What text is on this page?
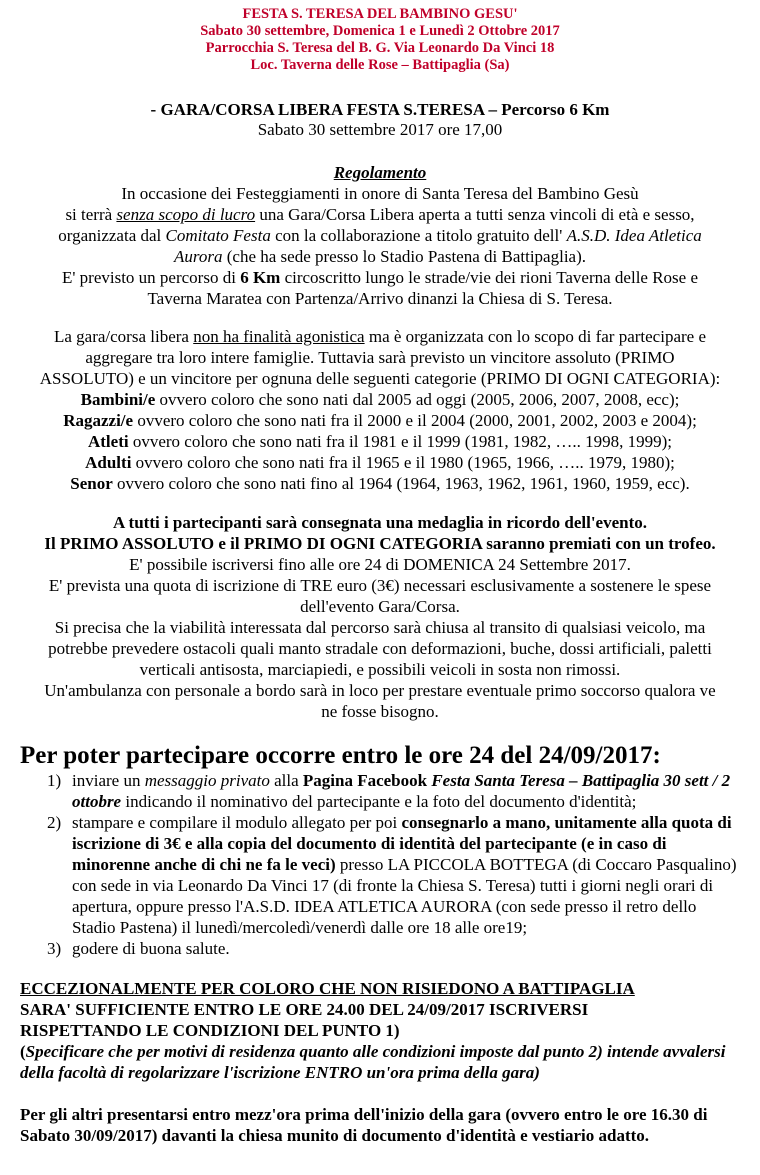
FESTA S. TERESA DEL BAMBINO GESU'
Sabato 30 settembre, Domenica 1 e Lunedì 2 Ottobre 2017
Parrocchia S. Teresa del B. G. Via Leonardo Da Vinci 18
Loc. Taverna delle Rose – Battipaglia (Sa)
- GARA/CORSA LIBERA FESTA S.TERESA – Percorso 6 Km
Sabato 30 settembre 2017 ore 17,00
Regolamento
In occasione dei Festeggiamenti in onore di Santa Teresa del Bambino Gesù
si terrà senza scopo di lucro una Gara/Corsa Libera aperta a tutti senza vincoli di età e sesso,
organizzata dal Comitato Festa con la collaborazione a titolo gratuito dell' A.S.D. Idea Atletica
Aurora (che ha sede presso lo Stadio Pastena di Battipaglia).
E' previsto un percorso di 6 Km circoscritto lungo le strade/vie dei rioni Taverna delle Rose e
Taverna Maratea con Partenza/Arrivo dinanzi la Chiesa di S. Teresa.
La gara/corsa libera non ha finalità agonistica ma è organizzata con lo scopo di far partecipare e
aggregare tra loro intere famiglie. Tuttavia sarà previsto un vincitore assoluto (PRIMO
ASSOLUTO) e un vincitore per ognuna delle seguenti categorie (PRIMO DI OGNI CATEGORIA):
Bambini/e ovvero coloro che sono nati dal 2005 ad oggi (2005, 2006, 2007, 2008, ecc);
Ragazzi/e ovvero coloro che sono nati fra il 2000 e il 2004 (2000, 2001, 2002, 2003 e 2004);
Atleti ovvero coloro che sono nati fra il 1981 e il 1999 (1981, 1982, ….. 1998, 1999);
Adulti ovvero coloro che sono nati fra il 1965 e il 1980 (1965, 1966, ….. 1979, 1980);
Senor ovvero coloro che sono nati fino al 1964 (1964, 1963, 1962, 1961, 1960, 1959, ecc).
A tutti i partecipanti sarà consegnata una medaglia in ricordo dell'evento.
Il PRIMO ASSOLUTO e il PRIMO DI OGNI CATEGORIA saranno premiati con un trofeo.
E' possibile iscriversi fino alle ore 24 di DOMENICA 24 Settembre 2017.
E' prevista una quota di iscrizione di TRE euro (3€) necessari esclusivamente a sostenere le spese
dell'evento Gara/Corsa.
Si precisa che la viabilità interessata dal percorso sarà chiusa al transito di qualsiasi veicolo, ma
potrebbe prevedere ostacoli quali manto stradale con deformazioni, buche, dossi artificiali, paletti
verticali antisosta, marciapiedi, e possibili veicoli in sosta non rimossi.
Un'ambulanza con personale a bordo sarà in loco per prestare eventuale primo soccorso qualora ve
ne fosse bisogno.
Per poter partecipare occorre entro le ore 24 del 24/09/2017:
1) inviare un messaggio privato alla Pagina Facebook Festa Santa Teresa – Battipaglia 30 sett / 2 ottobre indicando il nominativo del partecipante e la foto del documento d'identità;
2) stampare e compilare il modulo allegato per poi consegnarlo a mano, unitamente alla quota di iscrizione di 3€ e alla copia del documento di identità del partecipante (e in caso di minorenne anche di chi ne fa le veci) presso LA PICCOLA BOTTEGA (di Coccaro Pasqualino) con sede in via Leonardo Da Vinci 17 (di fronte la Chiesa S. Teresa) tutti i giorni negli orari di apertura, oppure presso l'A.S.D. IDEA ATLETICA AURORA (con sede presso il retro dello Stadio Pastena) il lunedì/mercoledì/venerdì dalle ore 18 alle ore19;
3) godere di buona salute.
ECCEZIONALMENTE PER COLORO CHE NON RISIEDONO A BATTIPAGLIA
SARA' SUFFICIENTE ENTRO LE ORE 24.00 DEL 24/09/2017 ISCRIVERSI
RISPETTANDO LE CONDIZIONI DEL PUNTO 1)
(Specificare che per motivi di residenza quanto alle condizioni imposte dal punto 2) intende avvalersi della facoltà di regolarizzare l'iscrizione ENTRO un'ora prima della gara)
Per gli altri presentarsi entro mezz'ora prima dell'inizio della gara (ovvero entro le ore 16.30 di Sabato 30/09/2017) davanti la chiesa munito di documento d'identità e vestiario adatto.
